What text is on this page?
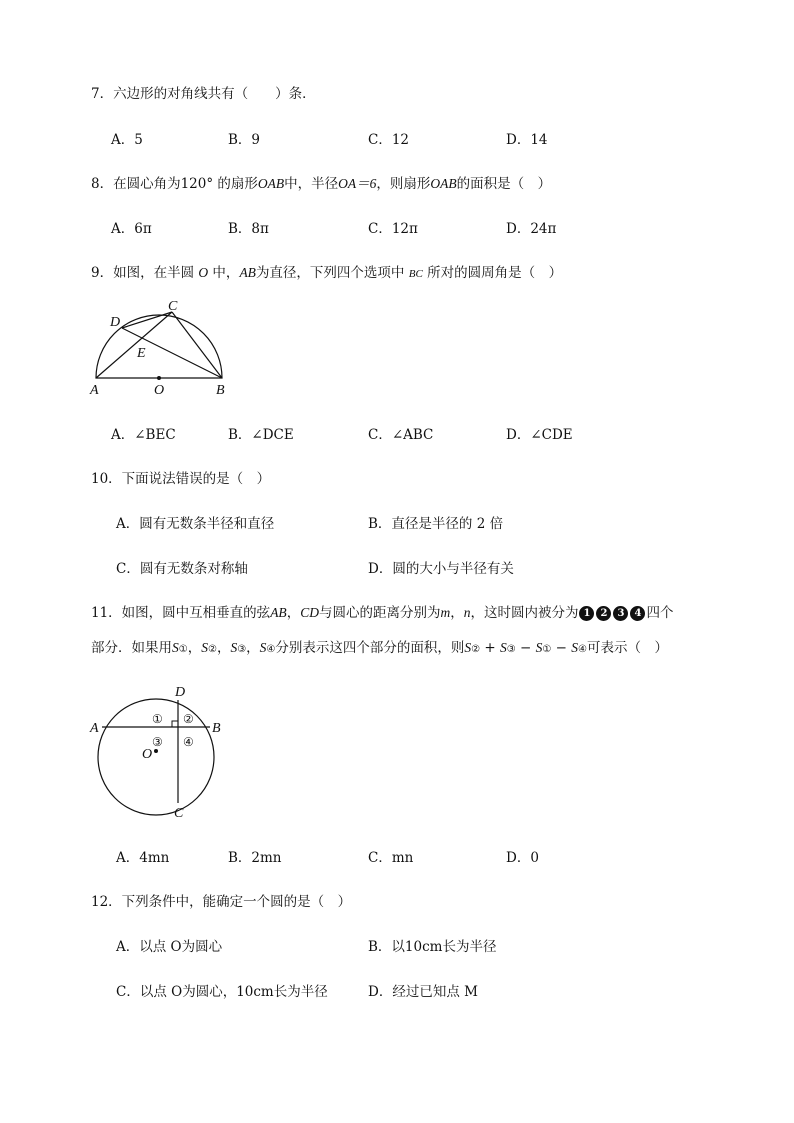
7．六边形的对角线共有（　　）条．
A．5	B．9	C．12	D．14
8．在圆心角为120° 的扇形OAB中，半径OA＝6，则扇形OAB的面积是（　）
A．6π	B．8π	C．12π	D．24π
9．如图，在半圆 O 中，AB为直径，下列四个选项中 BC 所对的圆周角是（　）
D
C
E
A	O	B
A．∠BEC	B．∠DCE	C．∠ABC	D．∠CDE
10．下面说法错误的是（　）
A．圆有无数条半径和直径	B．直径是半径的 2 倍
C．圆有无数条对称轴	D．圆的大小与半径有关
11．如图，圆中互相垂直的弦AB，CD与圆心的距离分别为m，n，这时圆内被分为 1 2 3 4 四个
部分．如果用S①，S②，S③，S④分别表示这四个部分的面积，则S② + S③ − S① − S④可表示（　）
D
A	B
O
C
① ②
③ ④
A．4mn	B．2mn	C．mn	D．0
12．下列条件中，能确定一个圆的是（　）
A．以点 O为圆心	B．以10cm长为半径
C．以点 O为圆心，10cm长为半径	D．经过已知点 M
